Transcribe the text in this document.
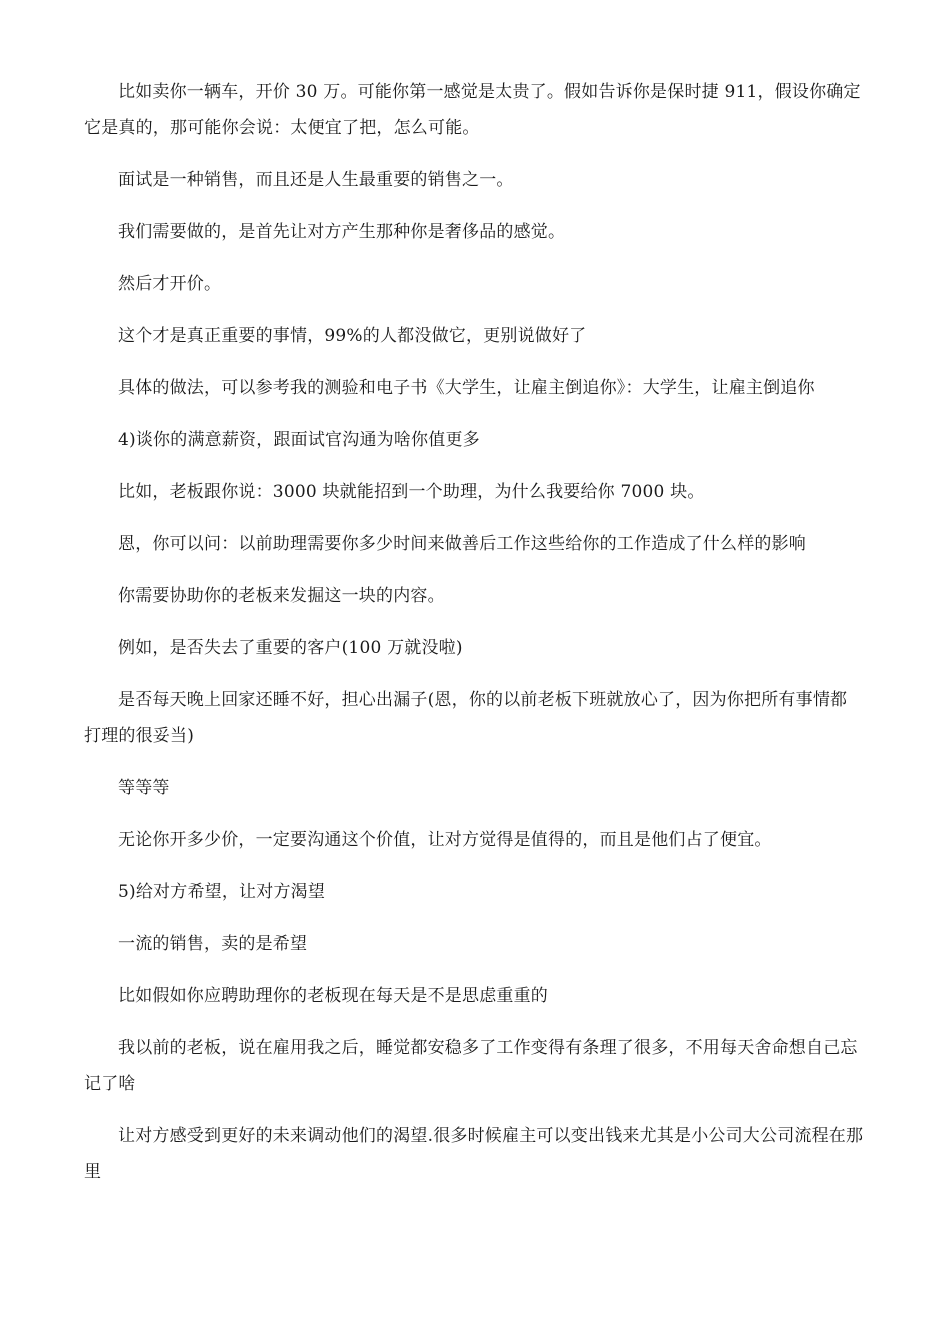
比如卖你一辆车，开价 30 万。可能你第一感觉是太贵了。假如告诉你是保时捷 911，假设你确定它是真的，那可能你会说：太便宜了把，怎么可能。

面试是一种销售，而且还是人生最重要的销售之一。

我们需要做的，是首先让对方产生那种你是奢侈品的感觉。

然后才开价。

这个才是真正重要的事情，99%的人都没做它，更别说做好了

具体的做法，可以参考我的测验和电子书《大学生，让雇主倒追你》：大学生，让雇主倒追你

4)谈你的满意薪资，跟面试官沟通为啥你值更多

比如，老板跟你说：3000 块就能招到一个助理，为什么我要给你 7000 块。

恩，你可以问：以前助理需要你多少时间来做善后工作这些给你的工作造成了什么样的影响

你需要协助你的老板来发掘这一块的内容。

例如，是否失去了重要的客户(100 万就没啦)

是否每天晚上回家还睡不好，担心出漏子(恩，你的以前老板下班就放心了，因为你把所有事情都打理的很妥当)

等等等

无论你开多少价，一定要沟通这个价值，让对方觉得是值得的，而且是他们占了便宜。

5)给对方希望，让对方渴望

一流的销售，卖的是希望

比如假如你应聘助理你的老板现在每天是不是思虑重重的

我以前的老板，说在雇用我之后，睡觉都安稳多了工作变得有条理了很多，不用每天舍命想自己忘记了啥

让对方感受到更好的未来调动他们的渴望.很多时候雇主可以变出钱来尤其是小公司大公司流程在那里
